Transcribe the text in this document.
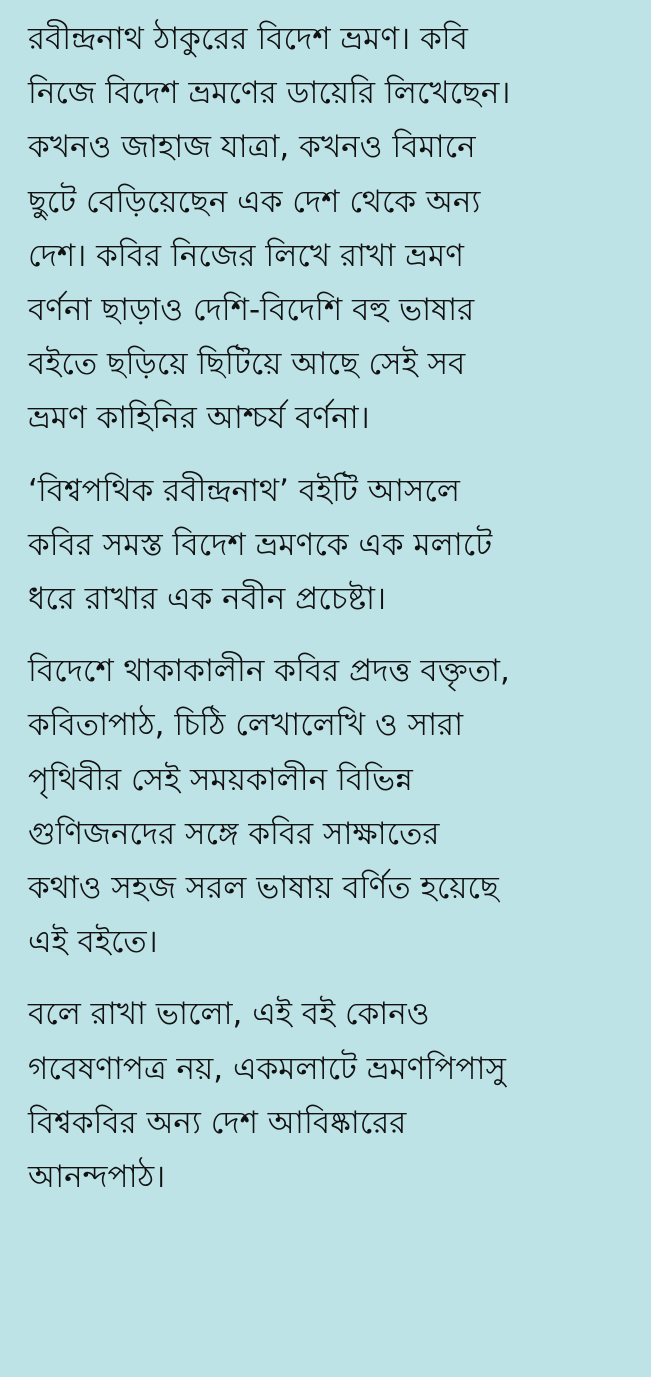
রবীন্দ্রনাথ ঠাকুরের বিদেশ ভ্রমণ। কবি
নিজে বিদেশ ভ্রমণের ডায়েরি লিখেছেন।
কখনও জাহাজ যাত্রা, কখনও বিমানে
ছুটে বেড়িয়েছেন এক দেশ থেকে অন্য
দেশ। কবির নিজের লিখে রাখা ভ্রমণ
বর্ণনা ছাড়াও দেশি-বিদেশি বহু ভাষার
বইতে ছড়িয়ে ছিটিয়ে আছে সেই সব
ভ্রমণ কাহিনির আশ্চর্য বর্ণনা।
‘বিশ্বপথিক রবীন্দ্রনাথ’ বইটি আসলে
কবির সমস্ত বিদেশ ভ্রমণকে এক মলাটে
ধরে রাখার এক নবীন প্রচেষ্টা।
বিদেশে থাকাকালীন কবির প্রদত্ত বক্তৃতা,
কবিতাপাঠ, চিঠি লেখালেখি ও সারা
পৃথিবীর সেই সময়কালীন বিভিন্ন
গুণিজনদের সঙ্গে কবির সাক্ষাতের
কথাও সহজ সরল ভাষায় বর্ণিত হয়েছে
এই বইতে।
বলে রাখা ভালো, এই বই কোনও
গবেষণাপত্র নয়, একমলাটে ভ্রমণপিপাসু
বিশ্বকবির অন্য দেশ আবিষ্কারের
আনন্দপাঠ।
